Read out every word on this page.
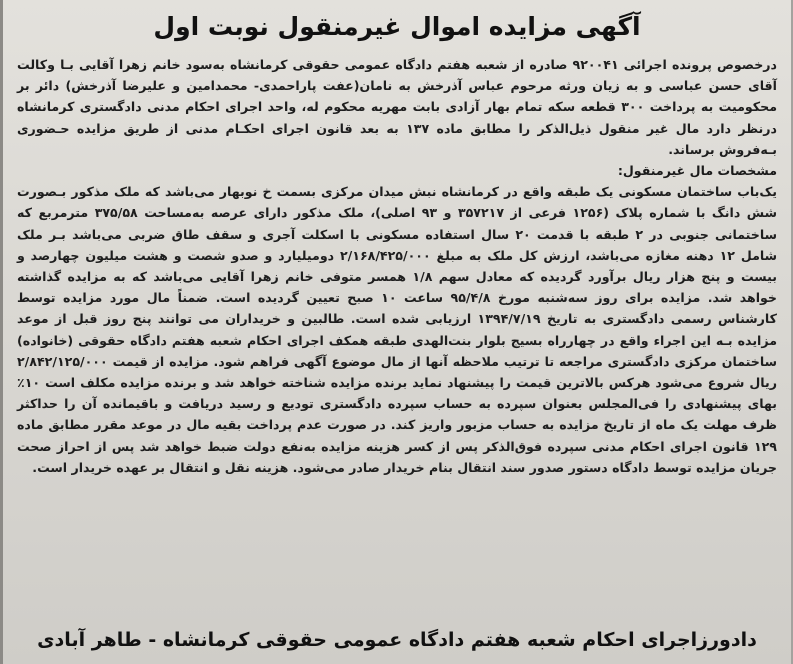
آگهی مزایده اموال غیرمنقول نوبت اول

درخصوص پرونده اجرائی ۹۲۰۰۴۱ صادره از شعبه هفتم دادگاه عمومی حقوقی کرمانشاه به‌سود خانم زهرا آقایی بـا وکالت آقای حسن عباسی و به زیان ورثه مرحوم عباس آذرخش به نامان(عفت پاراحمدی- محمدامین و علیرضا آذرخش) دائر بر محکومیت به پرداخت ۳۰۰ قطعه سکه تمام بهار آزادی بابت مهریه محکوم له، واحد اجرای احکام مدنی دادگستری کرمانشاه درنظر دارد مال غیر منقول ذیل‌الذکر را مطابق ماده ۱۳۷ به بعد قانون اجرای احکـام مدنی از طریق مزایده حـضوری بـه‌فروش برساند.

مشخصات مال غیرمنقول:

یک‌باب ساختمان مسکونی یک طبقه واقع در کرمانشاه نبش میدان مرکزی بسمت خ نوبهار می‌باشد که ملک مذکور بـصورت شش دانگ با شماره پلاک (۱۲۵۶ فرعی از ۳۵۷۲۱۷ و ۹۳ اصلی)، ملک مذکور دارای عرصه به‌مساحت ۳۷۵/۵۸ مترمربع که ساختمانی جنوبی در ۲ طبقه با قدمت ۲۰ سال استفاده مسکونی با اسکلت آجری و سقف طاق ضربی می‌باشد بـر ملک شامل ۱۲ دهنه مغازه می‌باشد، ارزش کل ملک به مبلغ ۲/۱۶۸/۴۲۵/۰۰۰ دومیلیارد و صدو شصت و هشت میلیون چهارصد و بیست و پنج هزار ریال برآورد گردیده که معادل سهم ۱/۸ همسر متوفی خانم زهرا آقایی می‌باشد که به مزایده گذاشته خواهد شد. مزایده برای روز سه‌شنبه مورخ ۹۵/۴/۸ ساعت ۱۰ صبح تعیین گردیده است. ضمناً مال مورد مزایده توسط کارشناس رسمی دادگستری به تاریخ ۱۳۹۴/۷/۱۹ ارزیابی شده است. طالبین و خریداران می توانند پنج روز قبل از موعد مزایده بـه این اجراء واقع در چهارراه بسیج بلوار بنت‌الهدی طبقه همکف اجرای احکام شعبه هفتم دادگاه حقوقی (خانواده) ساختمان مرکزی دادگستری مراجعه تا ترتیب ملاحظه آنها از مال موضوع آگهی فراهم شود. مزایده از قیمت ۲/۸۴۲/۱۲۵/۰۰۰ ریال شروع می‌شود هرکس بالاترین قیمت را پیشنهاد نماید برنده مزایده شناخته خواهد شد و برنده مزایده مکلف است ۱۰٪ بهای پیشنهادی را فی‌المجلس بعنوان سپرده به حساب سپرده دادگستری تودیع و رسید دریافت و باقیمانده آن را حداکثر ظرف مهلت یک ماه از تاریخ مزایده به حساب مزبور واریز کند. در صورت عدم پرداخت بقیه مال در موعد مقرر مطابق ماده ۱۲۹ قانون اجرای احکام مدنی سپرده فوق‌الذکر پس از کسر هزینه مزایده به‌نفع دولت ضبط خواهد شد پس از احراز صحت جریان مزایده توسط دادگاه دستور صدور سند انتقال بنام خریدار صادر می‌شود. هزینه نقل و انتقال بر عهده خریدار است.

دادورزاجرای احکام شعبه هفتم دادگاه عمومی حقوقی کرمانشاه - طاهر آبادی
